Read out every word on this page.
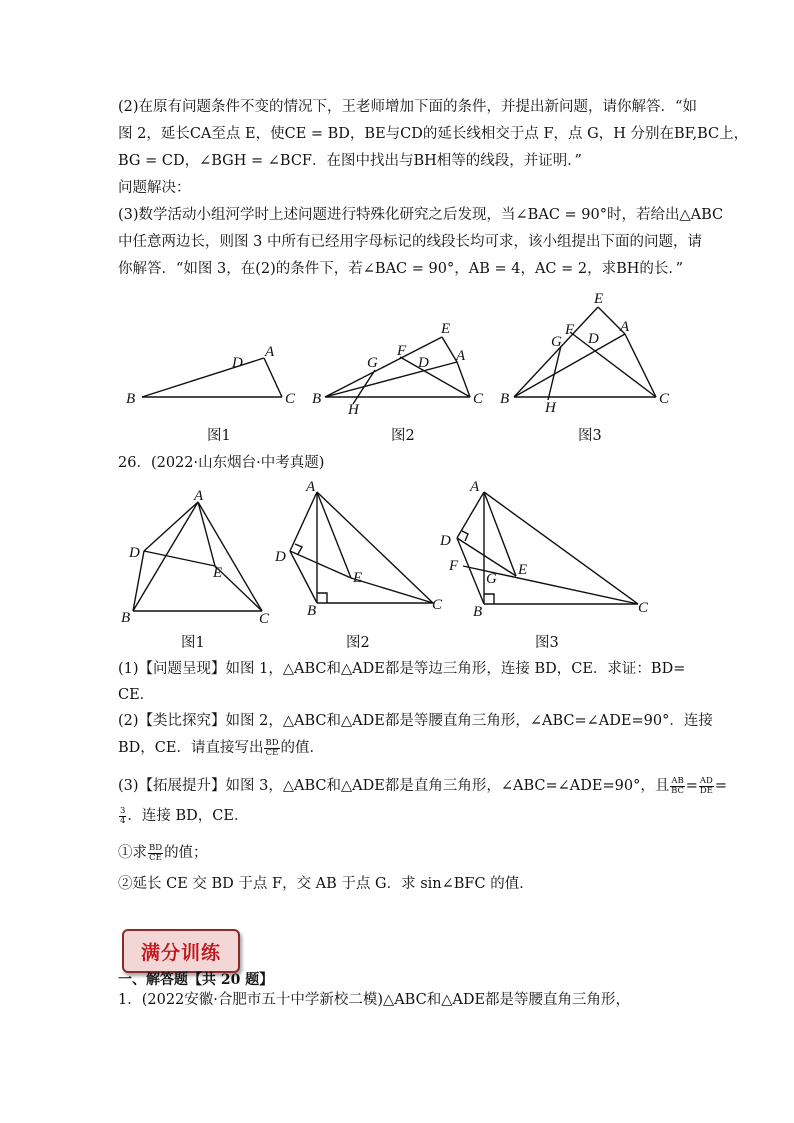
(2)在原有问题条件不变的情况下，王老师增加下面的条件，并提出新问题，请你解答．“如
图 2，延长CA至点 E，使CE = BD，BE与CD的延长线相交于点 F，点 G，H 分别在BF,BC上，
BG = CD，∠BGH = ∠BCF．在图中找出与BH相等的线段，并证明．”
问题解决：
(3)数学活动小组河学时上述问题进行特殊化研究之后发现，当∠BAC = 90°时，若给出△ABC
中任意两边长，则图 3 中所有已经用字母标记的线段长均可求，该小组提出下面的问题，请
你解答．“如图 3，在(2)的条件下，若∠BAC = 90°，AB = 4，AC = 2，求BH的长．”
B	C
D
A
B	C
A
D
E
F
G
H
B	C
A
E
D
F
G
H
图1	图2	图3
26．(2022·山东烟台·中考真题)
A
D
E
B	C
A
D
E
B	C
A
D
F
G
E
B	C
图1	图2	图3
(1)【问题呈现】如图 1，△ABC和△ADE都是等边三角形，连接 BD，CE．求证：BD=
CE．
(2)【类比探究】如图 2，△ABC和△ADE都是等腰直角三角形，∠ABC=∠ADE=90°．连接
BD，CE．请直接写出 $\frac{BD}{CE}$ 的值．
(3)【拓展提升】如图 3，△ABC和△ADE都是直角三角形，∠ABC=∠ADE=90°，且 $\frac{AB}{BC} = \frac{AD}{DE}$ =
$\frac{3}{4}$ ．连接 BD，CE．
①求 $\frac{BD}{CE}$ 的值；
②延长 CE 交 BD 于点 F，交 AB 于点 G．求 sin∠BFC 的值．
满分训练
一、解答题【共 20 题】
1．(2022安徽·合肥市五十中学新校二模)△ABC和△ADE都是等腰直角三角形，
